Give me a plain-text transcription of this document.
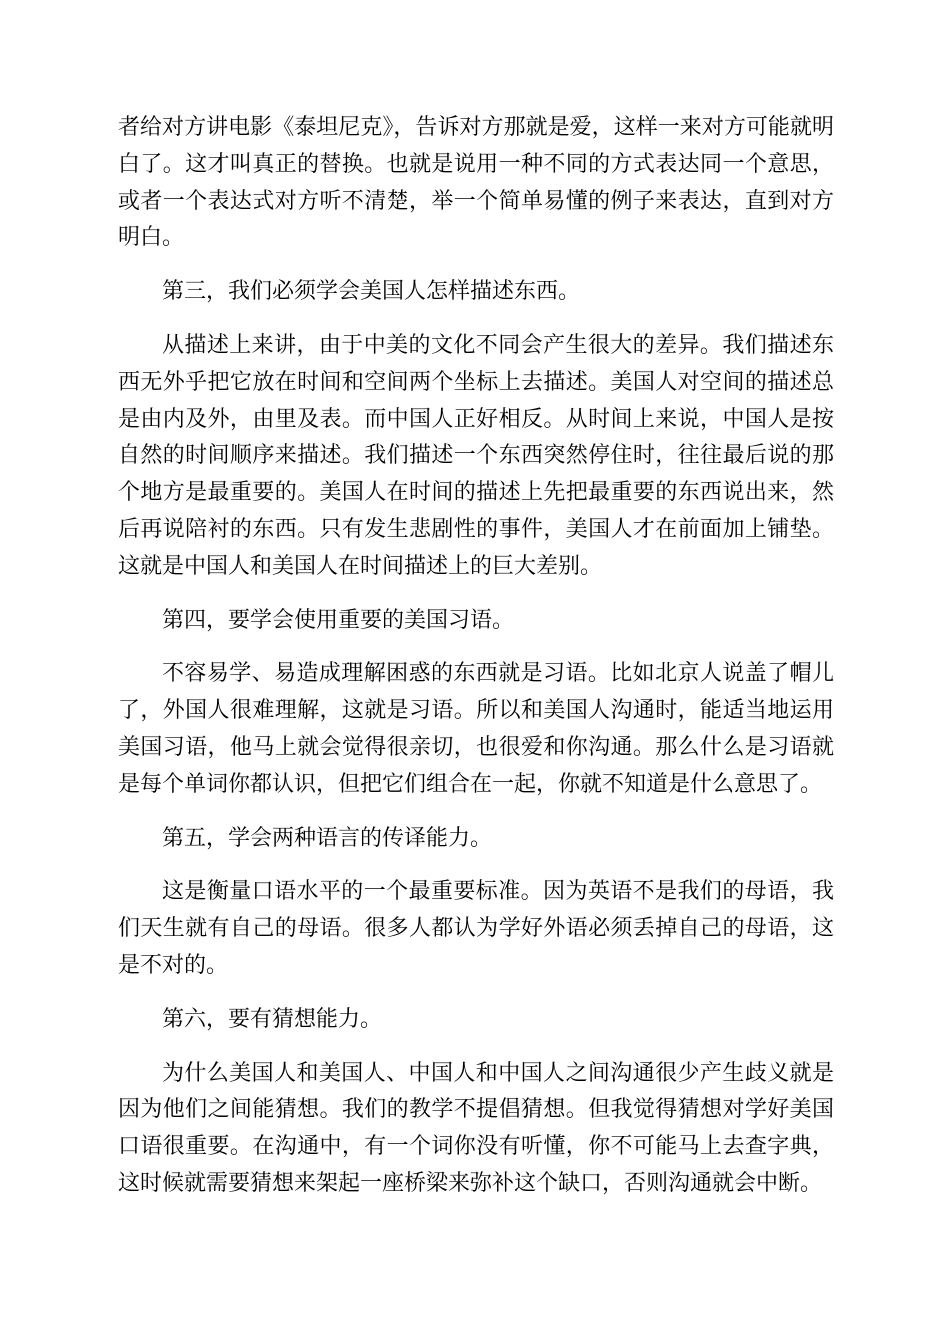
者给对方讲电影《泰坦尼克》，告诉对方那就是爱，这样一来对方可能就明白了。这才叫真正的替换。也就是说用一种不同的方式表达同一个意思，或者一个表达式对方听不清楚，举一个简单易懂的例子来表达，直到对方明白。

第三，我们必须学会美国人怎样描述东西。

从描述上来讲，由于中美的文化不同会产生很大的差异。我们描述东西无外乎把它放在时间和空间两个坐标上去描述。美国人对空间的描述总是由内及外，由里及表。而中国人正好相反。从时间上来说，中国人是按自然的时间顺序来描述。我们描述一个东西突然停住时，往往最后说的那个地方是最重要的。美国人在时间的描述上先把最重要的东西说出来，然后再说陪衬的东西。只有发生悲剧性的事件，美国人才在前面加上铺垫。这就是中国人和美国人在时间描述上的巨大差别。

第四，要学会使用重要的美国习语。

不容易学、易造成理解困惑的东西就是习语。比如北京人说盖了帽儿了，外国人很难理解，这就是习语。所以和美国人沟通时，能适当地运用美国习语，他马上就会觉得很亲切，也很爱和你沟通。那么什么是习语就是每个单词你都认识，但把它们组合在一起，你就不知道是什么意思了。

第五，学会两种语言的传译能力。

这是衡量口语水平的一个最重要标准。因为英语不是我们的母语，我们天生就有自己的母语。很多人都认为学好外语必须丢掉自己的母语，这是不对的。

第六，要有猜想能力。

为什么美国人和美国人、中国人和中国人之间沟通很少产生歧义就是因为他们之间能猜想。我们的教学不提倡猜想。但我觉得猜想对学好美国口语很重要。在沟通中，有一个词你没有听懂，你不可能马上去查字典，这时候就需要猜想来架起一座桥梁来弥补这个缺口，否则沟通就会中断。
